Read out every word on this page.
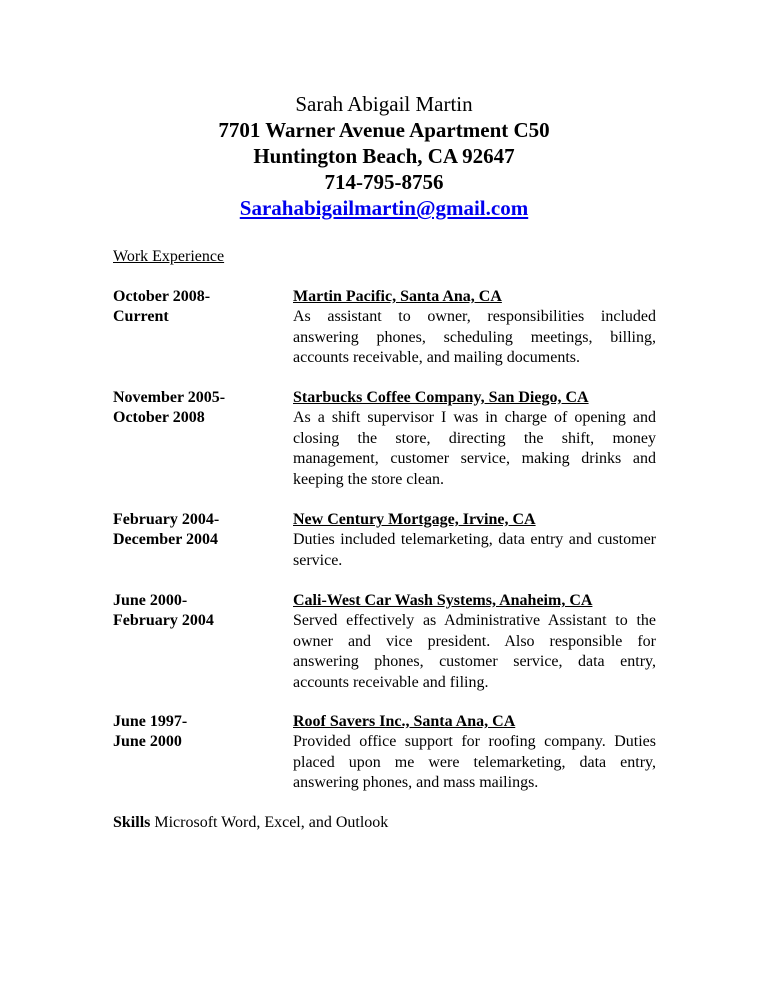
Sarah Abigail Martin
7701 Warner Avenue Apartment C50
Huntington Beach, CA 92647
714-795-8756
Sarahabigailmartin@gmail.com
Work Experience
October 2008-
Current
Martin Pacific, Santa Ana, CA
As assistant to owner, responsibilities included answering phones, scheduling meetings, billing, accounts receivable, and mailing documents.
November 2005-
October 2008
Starbucks Coffee Company, San Diego, CA
As a shift supervisor I was in charge of opening and closing the store, directing the shift, money management, customer service, making drinks and keeping the store clean.
February 2004-
December 2004
New Century Mortgage, Irvine, CA
Duties included telemarketing, data entry and customer service.
June 2000-
February 2004
Cali-West Car Wash Systems, Anaheim, CA
Served effectively as Administrative Assistant to the owner and vice president. Also responsible for answering phones, customer service, data entry, accounts receivable and filing.
June 1997-
June 2000
Roof Savers Inc., Santa Ana, CA
Provided office support for roofing company. Duties placed upon me were telemarketing, data entry, answering phones, and mass mailings.
Skills Microsoft Word, Excel, and Outlook
